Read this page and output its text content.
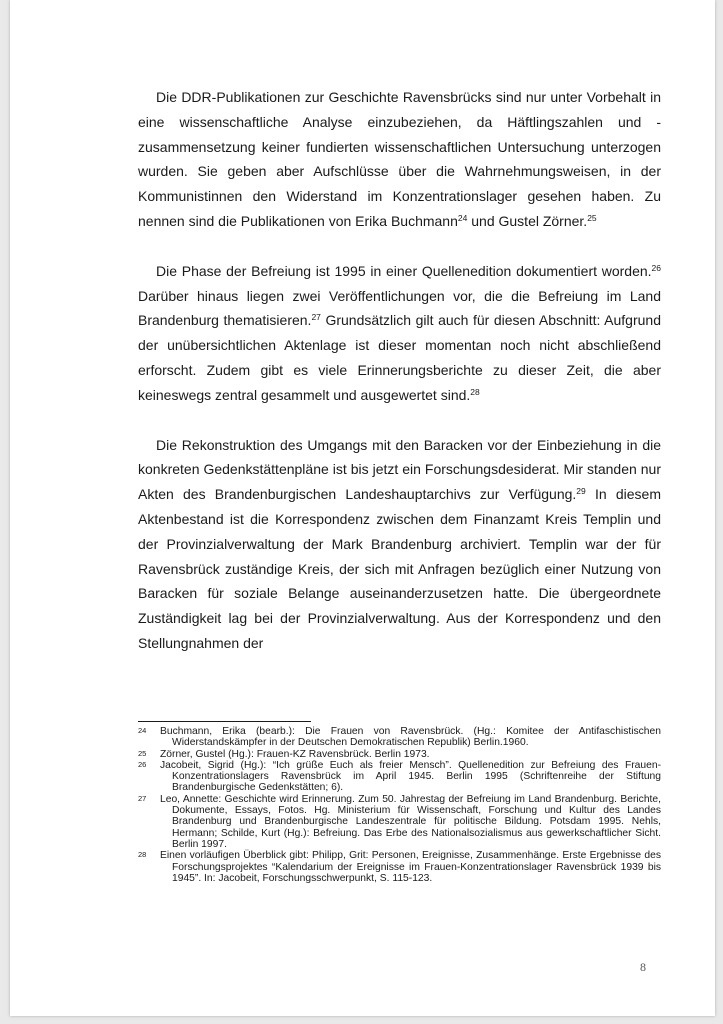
Die DDR-Publikationen zur Geschichte Ravensbrücks sind nur unter Vorbehalt in eine wissenschaftliche Analyse einzubeziehen, da Häftlingszahlen und -zusammensetzung keiner fundierten wissenschaftlichen Untersuchung unterzogen wurden. Sie geben aber Aufschlüsse über die Wahrnehmungsweisen, in der Kommunistinnen den Widerstand im Konzentrationslager gesehen haben. Zu nennen sind die Publikationen von Erika Buchmann$^{24}$ und Gustel Zörner.$^{25}$

Die Phase der Befreiung ist 1995 in einer Quellenedition dokumentiert worden.$^{26}$ Darüber hinaus liegen zwei Veröffentlichungen vor, die die Befreiung im Land Brandenburg thematisieren.$^{27}$ Grundsätzlich gilt auch für diesen Abschnitt: Aufgrund der unübersichtlichen Aktenlage ist dieser momentan noch nicht abschließend erforscht. Zudem gibt es viele Erinnerungsberichte zu dieser Zeit, die aber keineswegs zentral gesammelt und ausgewertet sind.$^{28}$

Die Rekonstruktion des Umgangs mit den Baracken vor der Einbeziehung in die konkreten Gedenkstättenpläne ist bis jetzt ein Forschungsdesiderat. Mir standen nur Akten des Brandenburgischen Landeshauptarchivs zur Verfügung.$^{29}$ In diesem Aktenbestand ist die Korrespondenz zwischen dem Finanzamt Kreis Templin und der Provinzialverwaltung der Mark Brandenburg archiviert. Templin war der für Ravensbrück zuständige Kreis, der sich mit Anfragen bezüglich einer Nutzung von Baracken für soziale Belange auseinanderzusetzen hatte. Die übergeordnete Zuständigkeit lag bei der Provinzialverwaltung. Aus der Korrespondenz und den Stellungnahmen der

24	Buchmann, Erika (bearb.): Die Frauen von Ravensbrück. (Hg.: Komitee der Antifaschistischen Widerstandskämpfer in der Deutschen Demokratischen Republik) Berlin.1960.
25	Zörner, Gustel (Hg.): Frauen-KZ Ravensbrück. Berlin 1973.
26	Jacobeit, Sigrid (Hg.): “Ich grüße Euch als freier Mensch”. Quellenedition zur Befreiung des Frauen-Konzentrationslagers Ravensbrück im April 1945. Berlin 1995 (Schriftenreihe der Stiftung Brandenburgische Gedenkstätten; 6).
27	Leo, Annette: Geschichte wird Erinnerung. Zum 50. Jahrestag der Befreiung im Land Brandenburg. Berichte, Dokumente, Essays, Fotos. Hg. Ministerium für Wissenschaft, Forschung und Kultur des Landes Brandenburg und Brandenburgische Landeszentrale für politische Bildung. Potsdam 1995. Nehls, Hermann; Schilde, Kurt (Hg.): Befreiung. Das Erbe des Nationalsozialismus aus gewerkschaftlicher Sicht. Berlin 1997.
28	Einen vorläufigen Überblick gibt: Philipp, Grit: Personen, Ereignisse, Zusammenhänge. Erste Ergebnisse des Forschungsprojektes “Kalendarium der Ereignisse im Frauen-Konzentrationslager Ravensbrück 1939 bis 1945”. In: Jacobeit, Forschungsschwerpunkt, S. 115-123.
8
